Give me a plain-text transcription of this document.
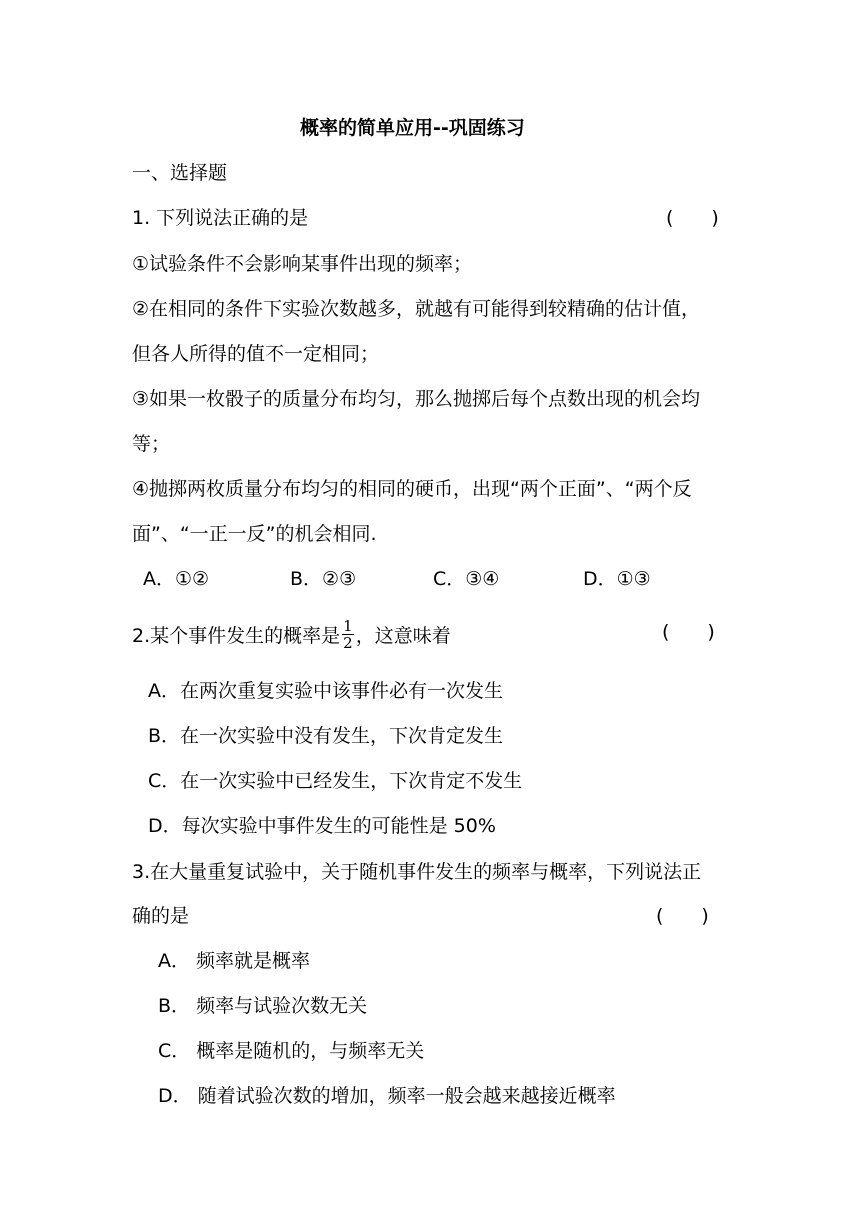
概率的简单应用--巩固练习
一、选择题
1. 下列说法正确的是	(　　)
①试验条件不会影响某事件出现的频率；
②在相同的条件下实验次数越多，就越有可能得到较精确的估计值，
但各人所得的值不一定相同；
③如果一枚骰子的质量分布均匀，那么抛掷后每个点数出现的机会均
等；
④抛掷两枚质量分布均匀的相同的硬币，出现“两个正面”、“两个反
面”、“一正一反”的机会相同.
A．①②	B．②③	C．③④	D．①③
2.某个事件发生的概率是 $\frac{1}{2}$ ，这意味着	(　　)
A．在两次重复实验中该事件必有一次发生
B．在一次实验中没有发生，下次肯定发生
C．在一次实验中已经发生，下次肯定不发生
D．每次实验中事件发生的可能性是 50%
3.在大量重复试验中，关于随机事件发生的频率与概率，下列说法正
确的是	(　　)
A． 频率就是概率
B． 频率与试验次数无关
C． 概率是随机的，与频率无关
D． 随着试验次数的增加，频率一般会越来越接近概率
